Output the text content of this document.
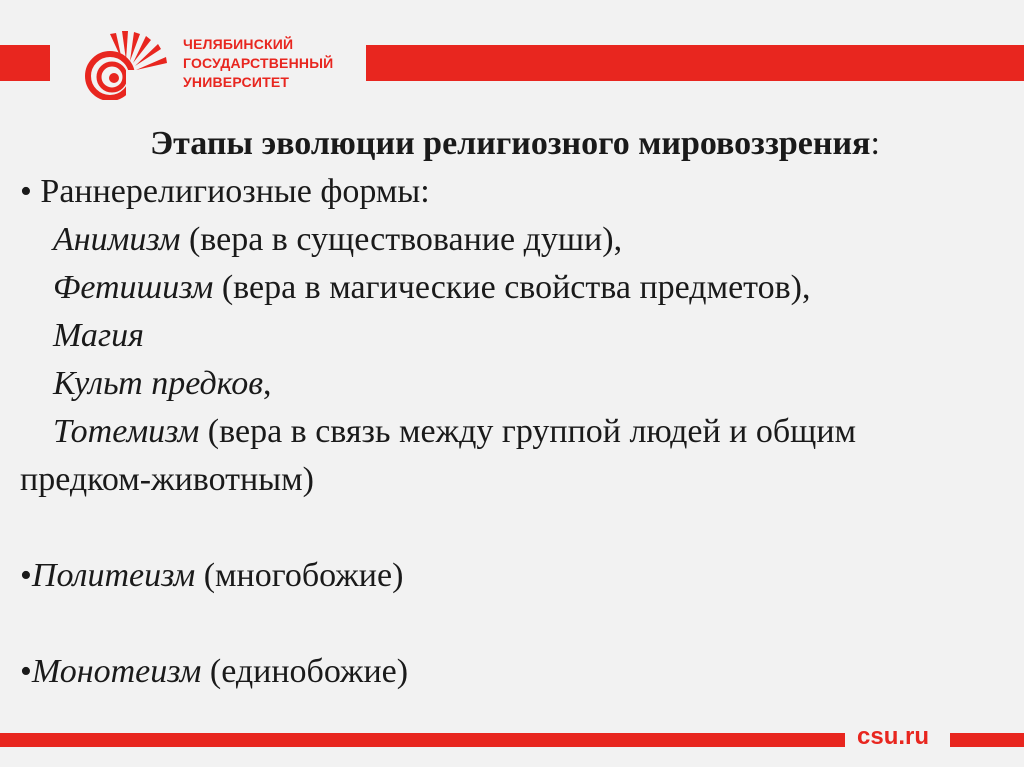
ЧЕЛЯБИНСКИЙ
ГОСУДАРСТВЕННЫЙ
УНИВЕРСИТЕТ

Этапы эволюции религиозного мировоззрения:

• Раннерелигиозные формы:

Анимизм (вера в существование души),

Фетишизм (вера в магические свойства предметов),

Магия

Культ предков,

Тотемизм (вера в связь между группой людей и общим

предком-животным)

•Политеизм (многобожие)

•Монотеизм (единобожие)

csu.ru
